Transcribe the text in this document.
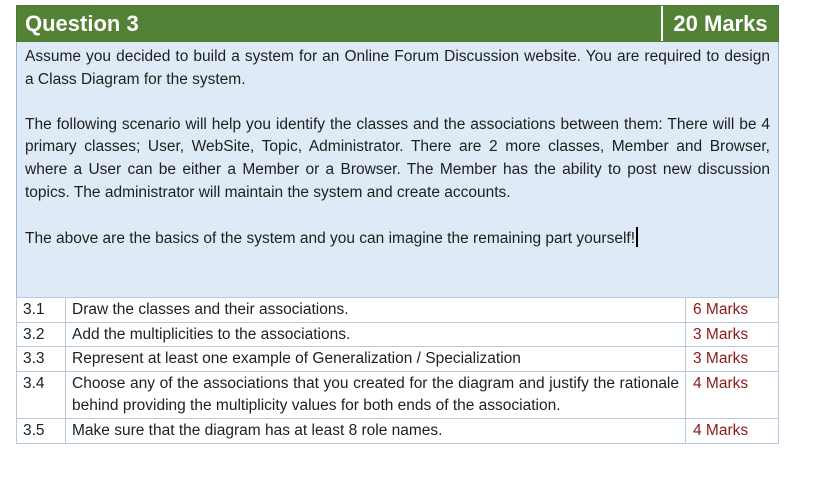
Question 3	20 Marks

Assume you decided to build a system for an Online Forum Discussion website. You are required to design a Class Diagram for the system.

The following scenario will help you identify the classes and the associations between them: There will be 4 primary classes; User, WebSite, Topic, Administrator. There are 2 more classes, Member and Browser, where a User can be either a Member or a Browser. The Member has the ability to post new discussion topics. The administrator will maintain the system and create accounts.

The above are the basics of the system and you can imagine the remaining part yourself!

3.1	Draw the classes and their associations.	6 Marks
3.2	Add the multiplicities to the associations.	3 Marks
3.3	Represent at least one example of Generalization / Specialization	3 Marks
3.4	Choose any of the associations that you created for the diagram and justify the rationale behind providing the multiplicity values for both ends of the association.	4 Marks
3.5	Make sure that the diagram has at least 8 role names.	4 Marks
